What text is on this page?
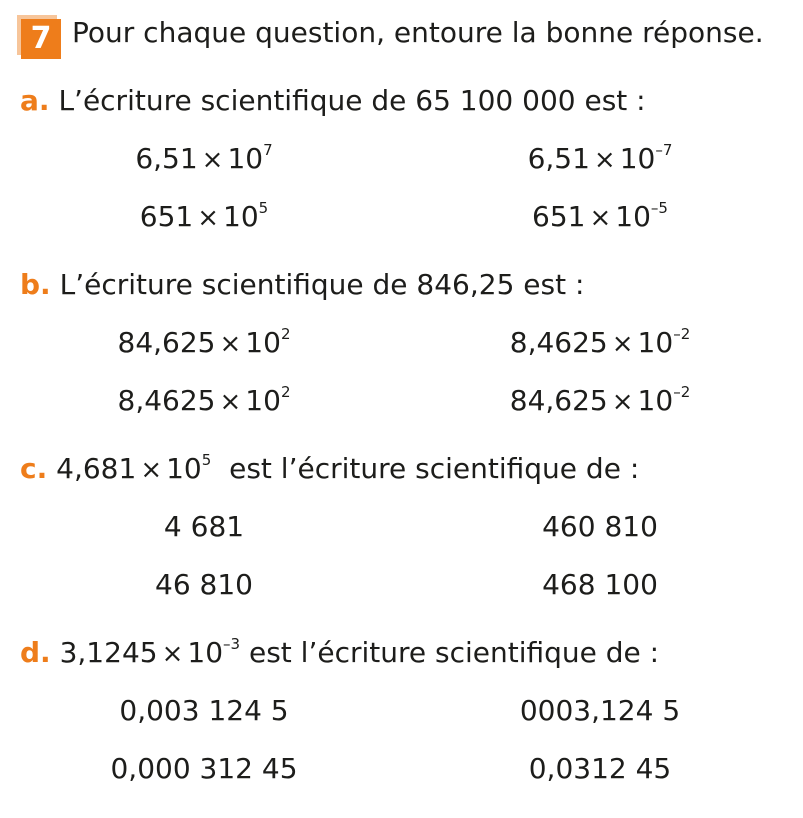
7 Pour chaque question, entoure la bonne réponse.
a. L’écriture scientifique de 65 100 000 est :
$6,51 \times 10^7$	$6,51 \times 10^{-7}$
$651 \times 10^5$	$651 \times 10^{-5}$
b. L’écriture scientifique de 846,25 est :
$84,625 \times 10^2$	$8,4625 \times 10^{-2}$
$8,4625 \times 10^2$	$84,625 \times 10^{-2}$
c. $4,681 \times 10^5$ est l’écriture scientifique de :
4 681	460 810
46 810	468 100
d. $3,1245 \times 10^{-3}$ est l’écriture scientifique de :
0,003 124 5	0003,124 5
0,000 312 45	0,0312 45
